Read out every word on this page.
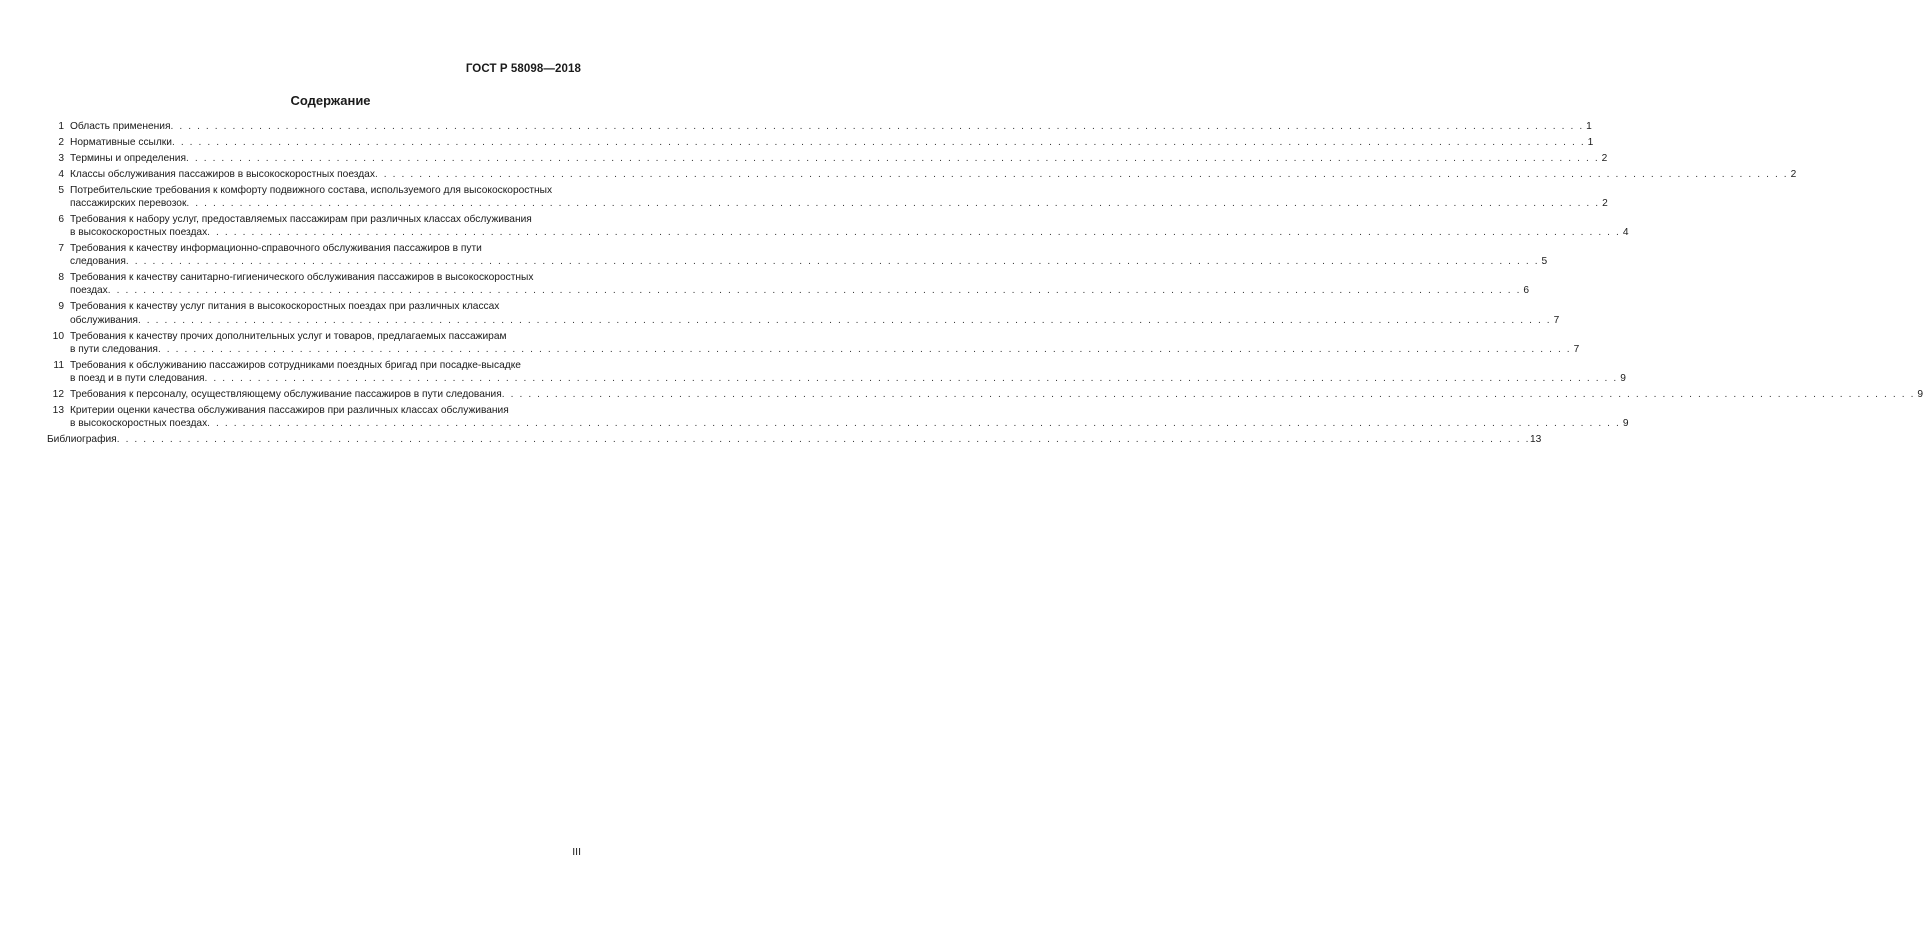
ГОСТ Р 58098—2018
Содержание
1 Область применения . . .	1
2 Нормативные ссылки . . .	1
3 Термины и определения . . .	2
4 Классы обслуживания пассажиров в высокоскоростных поездах . . .	2
5 Потребительские требования к комфорту подвижного состава, используемого для высокоскоростных
пассажирских перевозок . . .	2
6 Требования к набору услуг, предоставляемых пассажирам при различных классах обслуживания
в высокоскоростных поездах . . .	4
7 Требования к качеству информационно-справочного обслуживания пассажиров в пути
следования . . .	5
8 Требования к качеству санитарно-гигиенического обслуживания пассажиров в высокоскоростных
поездах . . .	6
9 Требования к качеству услуг питания в высокоскоростных поездах при различных классах
обслуживания . . .	7
10 Требования к качеству прочих дополнительных услуг и товаров, предлагаемых пассажирам
в пути следования . . .	7
11 Требования к обслуживанию пассажиров сотрудниками поездных бригад при посадке-высадке
в поезд и в пути следования . . .	9
12 Требования к персоналу, осуществляющему обслуживание пассажиров в пути следования . . .	9
13 Критерии оценки качества обслуживания пассажиров при различных классах обслуживания
в высокоскоростных поездах . . .	9
Библиография . . .	13
III
